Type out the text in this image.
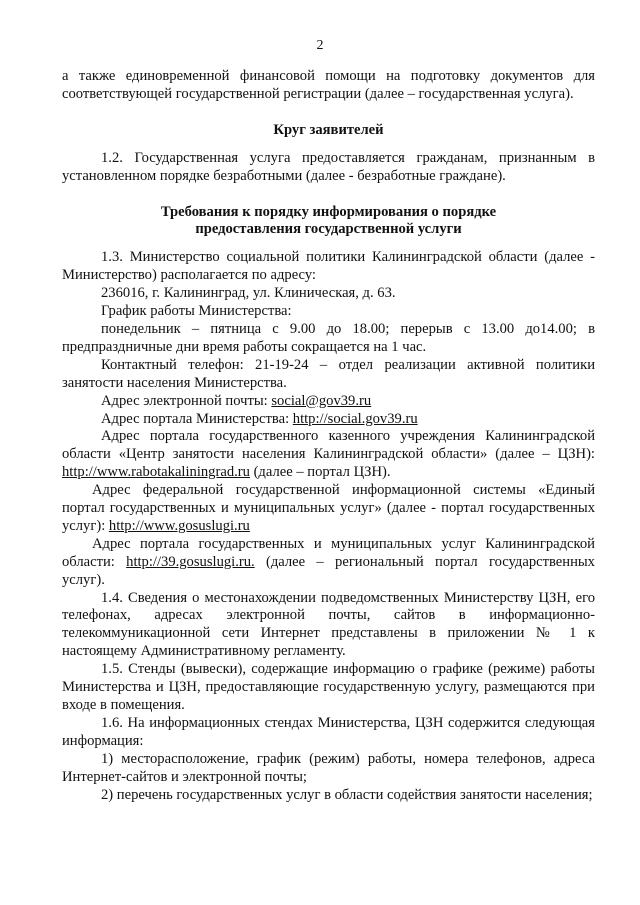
2

а также единовременной финансовой помощи на подготовку документов для соответствующей государственной регистрации (далее – государственная услуга).

Круг заявителей

1.2. Государственная услуга предоставляется гражданам, признанным в установленном порядке безработными (далее - безработные граждане).

Требования к порядку информирования о порядке

предоставления государственной услуги

1.3. Министерство социальной политики Калининградской области (далее - Министерство) располагается по адресу:

236016, г. Калининград, ул. Клиническая, д. 63.

График работы Министерства:

понедельник – пятница с 9.00 до 18.00; перерыв с 13.00 до14.00; в предпраздничные дни время работы сокращается на 1 час.

Контактный телефон: 21-19-24 – отдел реализации активной политики занятости населения Министерства.

Адрес электронной почты: social@gov39.ru

Адрес портала Министерства: http://social.gov39.ru

Адрес портала государственного казенного учреждения Калининградской области «Центр занятости населения Калининградской области» (далее – ЦЗН): http://www.rabotakaliningrad.ru (далее – портал ЦЗН).

Адрес федеральной государственной информационной системы «Единый портал государственных и муниципальных услуг» (далее - портал государственных услуг): http://www.gosuslugi.ru

Адрес портала государственных и муниципальных услуг Калининградской области: http://39.gosuslugi.ru. (далее – региональный портал государственных услуг).

1.4. Сведения о местонахождении подведомственных Министерству ЦЗН, его телефонах, адресах электронной почты, сайтов в информационно-телекоммуникационной сети Интернет представлены в приложении № 1 к настоящему Административному регламенту.

1.5. Стенды (вывески), содержащие информацию о графике (режиме) работы Министерства и ЦЗН, предоставляющие государственную услугу, размещаются при входе в помещения.

1.6. На информационных стендах Министерства, ЦЗН содержится следующая информация:

1) месторасположение, график (режим) работы, номера телефонов, адреса Интернет-сайтов и электронной почты;

2) перечень государственных услуг в области содействия занятости населения;
